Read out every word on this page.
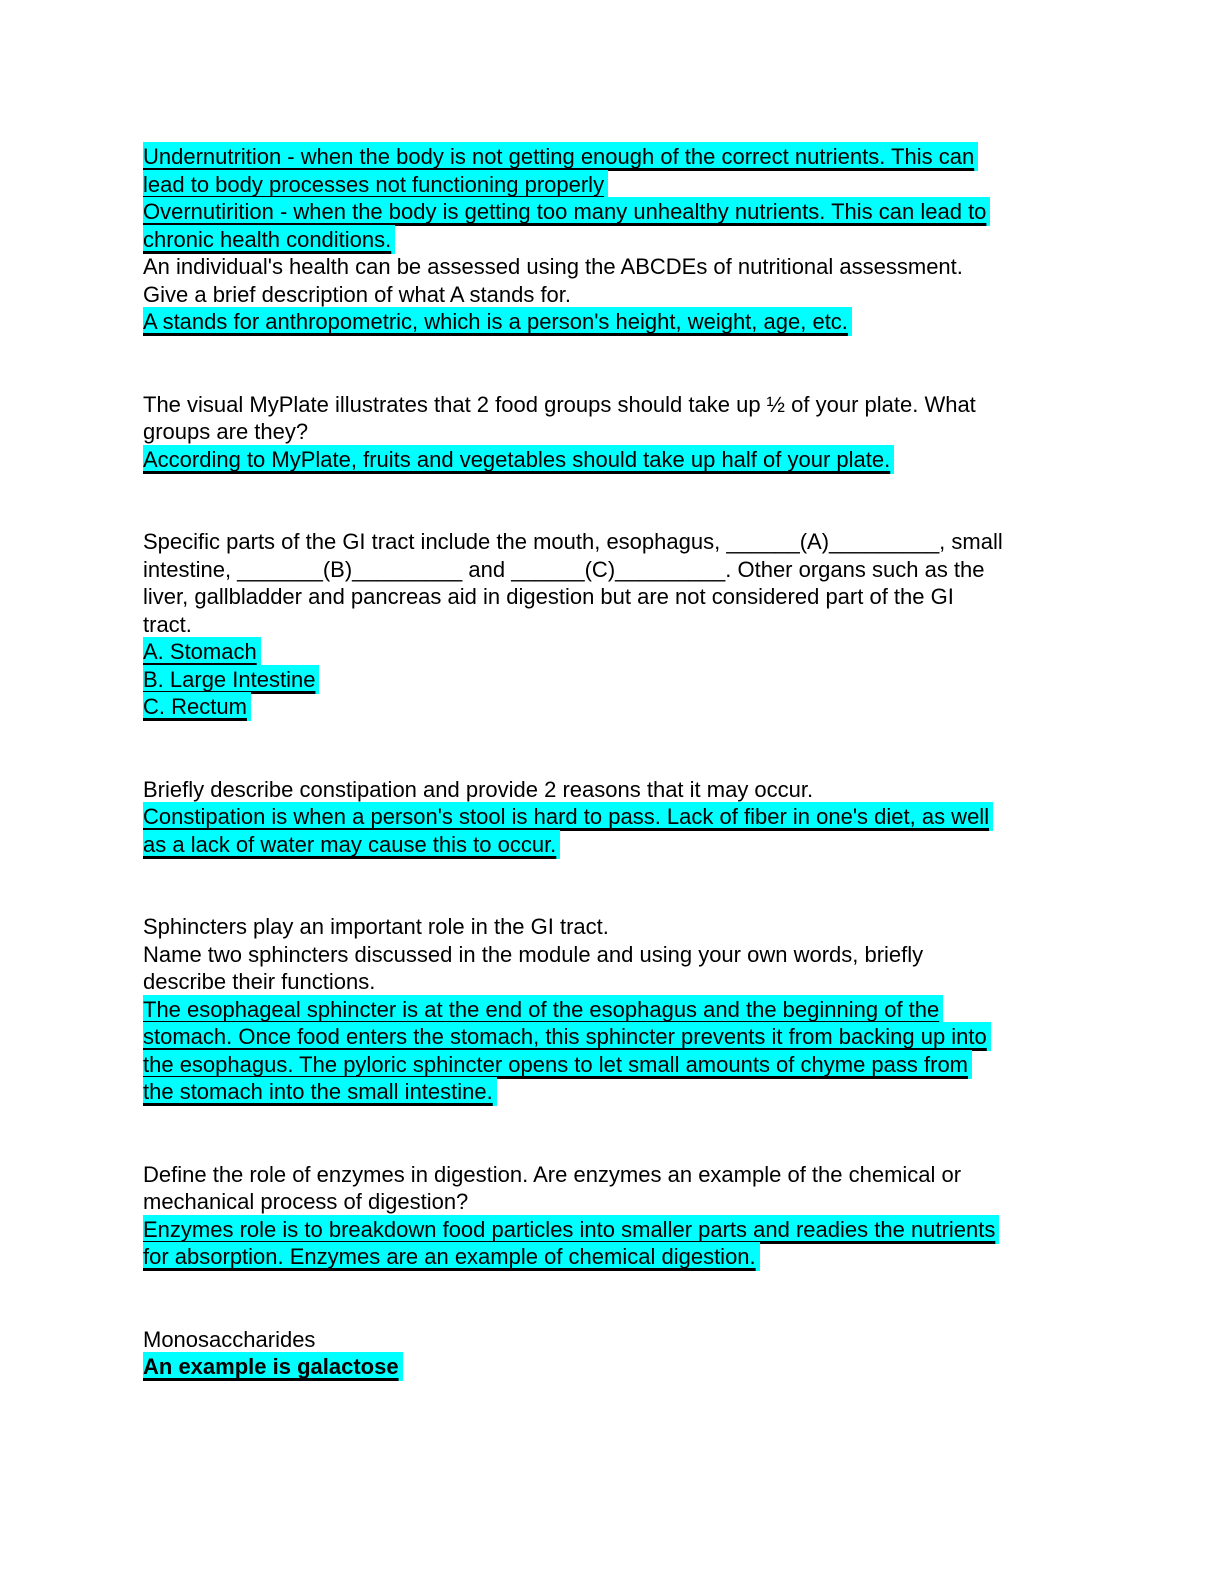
Undernutrition - when the body is not getting enough of the correct nutrients. This can
lead to body processes not functioning properly
Overnutirition - when the body is getting too many unhealthy nutrients. This can lead to
chronic health conditions.
An individual's health can be assessed using the ABCDEs of nutritional assessment.
Give a brief description of what A stands for.
A stands for anthropometric, which is a person's height, weight, age, etc.
The visual MyPlate illustrates that 2 food groups should take up ½ of your plate. What
groups are they?
According to MyPlate, fruits and vegetables should take up half of your plate.
Specific parts of the GI tract include the mouth, esophagus, ______(A)_________, small
intestine, _______(B)_________ and ______(C)_________. Other organs such as the
liver, gallbladder and pancreas aid in digestion but are not considered part of the GI
tract.
A. Stomach
B. Large Intestine
C. Rectum
Briefly describe constipation and provide 2 reasons that it may occur.
Constipation is when a person's stool is hard to pass. Lack of fiber in one's diet, as well
as a lack of water may cause this to occur.
Sphincters play an important role in the GI tract.
Name two sphincters discussed in the module and using your own words, briefly
describe their functions.
The esophageal sphincter is at the end of the esophagus and the beginning of the
stomach. Once food enters the stomach, this sphincter prevents it from backing up into
the esophagus. The pyloric sphincter opens to let small amounts of chyme pass from
the stomach into the small intestine.
Define the role of enzymes in digestion. Are enzymes an example of the chemical or
mechanical process of digestion?
Enzymes role is to breakdown food particles into smaller parts and readies the nutrients
for absorption. Enzymes are an example of chemical digestion.
Monosaccharides
An example is galactose
